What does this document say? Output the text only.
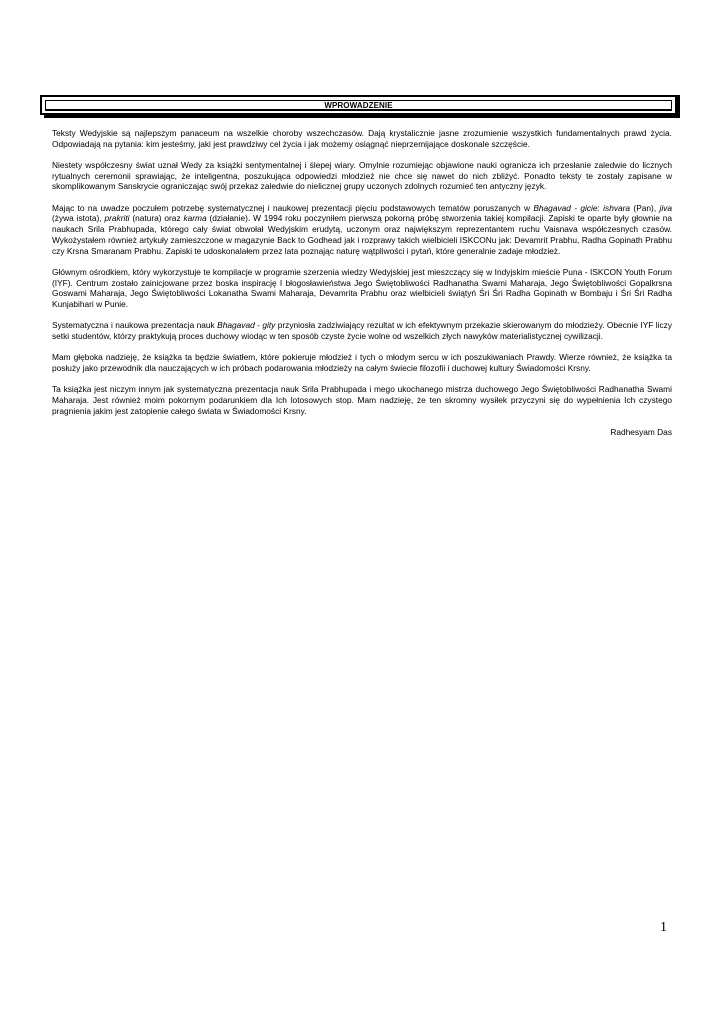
WPROWADZENIE

Teksty Wedyjskie są najlepszym panaceum na wszelkie choroby wszechczasów. Dają krystalicznie jasne zrozumienie wszystkich fundamentalnych prawd życia. Odpowiadają na pytania: kim jesteśmy, jaki jest prawdziwy cel życia i jak możemy osiągnąć nieprzemijające doskonale szczęście.

Niestety współczesny świat uznał Wedy za książki sentymentalnej i ślepej wiary. Omylnie rozumiejąc objawione nauki ogranicza ich przesłanie zaledwie do licznych rytualnych ceremonii sprawiając, że inteligentna, poszukująca odpowiedzi młodzież nie chce się nawet do nich zbliżyć. Ponadto teksty te zostały zapisane w skomplikowanym Sanskrycie ograniczając swój przekaz zaledwie do nielicznej grupy uczonych zdolnych rozumieć ten antyczny język.

Mając to na uwadze poczułem potrzebę systematycznej i naukowej prezentacji pięciu podstawowych tematów poruszanych w Bhagavad - gicie: ishvara (Pan), jiva (żywa istota), prakriti (natura) oraz karma (działanie). W 1994 roku poczyniłem pierwszą pokorną próbę stworzenia takiej kompilacji. Zapiski te oparte były głownie na naukach Srila Prabhupada, którego cały świat obwołał Wedyjskim erudytą, uczonym oraz największym reprezentantem ruchu Vaisnava współczesnych czasów. Wykożystałem również artykuły zamieszczone w magazynie Back to Godhead jak i rozprawy takich wielbicieli ISKCONu jak: Devamrit Prabhu, Radha Gopinath Prabhu czy Krsna Smaranam Prabhu. Zapiski te udoskonalałem przez lata poznając naturę wątpliwości i pytań, które generalnie zadaje młodzież.

Głównym ośrodkiem, który wykorzystuje te kompilacje w programie szerzenia wiedzy Wedyjskiej jest mieszczący się w Indyjskim mieście Puna - ISKCON Youth Forum (IYF). Centrum zostało zainicjowane przez boska inspirację I błogosławieństwa Jego Świętobliwości Radhanatha Swami Maharaja, Jego Świętobliwości Gopalkrsna Goswami Maharaja, Jego Świętobliwości Lokanatha Swami Maharaja, Devamrita Prabhu oraz wielbicieli świątyń Śri Śri Radha Gopinath w Bombaju i Śri Śri Radha Kunjabihari w Punie.

Systematyczna i naukowa prezentacja nauk Bhagavad - gity przyniosła zadziwiający rezultat w ich efektywnym przekazie skierowanym do młodzieży. Obecnie IYF liczy setki studentów, którzy praktykują proces duchowy wiodąc w ten sposób czyste życie wolne od wszelkich złych nawyków materialistycznej cywilizacji.

Mam głęboka nadzieję, że książka ta będzie światłem, które pokieruje młodzież i tych o młodym sercu w ich poszukiwaniach Prawdy. Wierze również, że książka ta posłuży jako przewodnik dla nauczających w ich próbach podarowania młodzieży na całym świecie filozofii i duchowej kultury Świadomości Krsny.

Ta książka jest niczym innym jak systematyczna prezentacja nauk Srila Prabhupada i mego ukochanego mistrza duchowego Jego Świętobliwości Radhanatha Swami Maharaja. Jest również moim pokornym podarunkiem dla Ich lotosowych stop. Mam nadzieję, że ten skromny wysiłek przyczyni się do wypełnienia Ich czystego pragnienia jakim jest zatopienie całego świata w Świadomości Krsny.

Radhesyam Das

1
